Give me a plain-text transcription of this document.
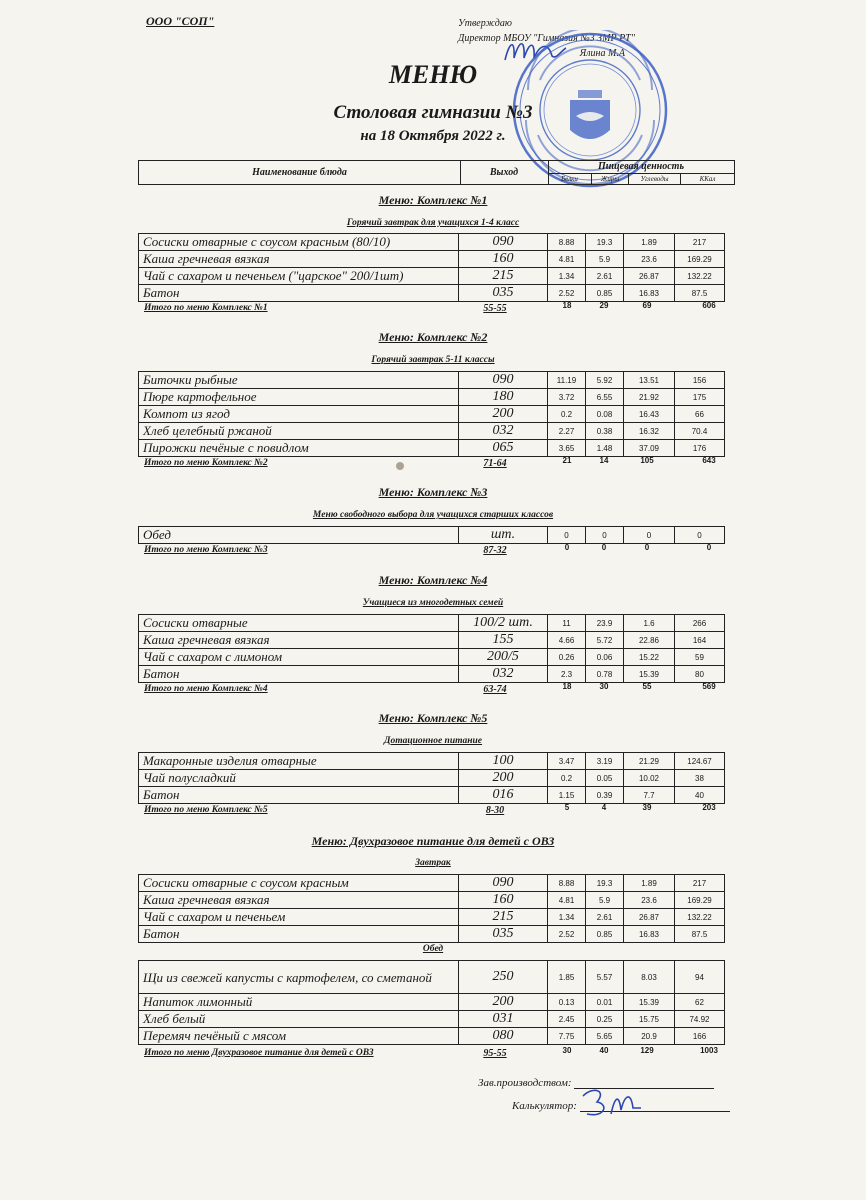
ООО "СОП"	Утверждаю
Директор МБОУ "Гимназия №3 ЗМР РТ"
Ялина М.А
МЕНЮ
Столовая гимназии №3
на 18 Октября 2022 г.
Наименование блюда	Выход
Пищевая ценность
Белки	Жиры	Углеводы	ККал
Меню: Комплекс №1
Горячий завтрак для учащихся 1-4 класс
Сосиски отварные с соусом красным (80/10)	090	8.88	19.3	1.89	217
Каша гречневая вязкая	160	4.81	5.9	23.6	169.29
Чай с сахаром и печеньем ("царское" 200/1шт)	215	1.34	2.61	26.87	132.22
Батон	035	2.52	0.85	16.83	87.5
Итого по меню Комплекс №1	55-55	18	29	69	606
Меню: Комплекс №2
Горячий завтрак 5-11 классы
Биточки рыбные	090	11.19	5.92	13.51	156
Пюре картофельное	180	3.72	6.55	21.92	175
Компот из ягод	200	0.2	0.08	16.43	66
Хлеб целебный ржаной	032	2.27	0.38	16.32	70.4
Пирожки печёные с повидлом	065	3.65	1.48	37.09	176
Итого по меню Комплекс №2	71-64	21	14	105	643
Меню: Комплекс №3
Меню свободного выбора для учащихся старших классов
Обед	шт.	0	0	0	0
Итого по меню Комплекс №3	87-32	0	0	0	0
Меню: Комплекс №4
Учащиеся из многодетных семей
Сосиски отварные	100/2 шт.	11	23.9	1.6	266
Каша гречневая вязкая	155	4.66	5.72	22.86	164
Чай с сахаром с лимоном	200/5	0.26	0.06	15.22	59
Батон	032	2.3	0.78	15.39	80
Итого по меню Комплекс №4	63-74	18	30	55	569
Меню: Комплекс №5
Дотационное питание
Макаронные изделия отварные	100	3.47	3.19	21.29	124.67
Чай полусладкий	200	0.2	0.05	10.02	38
Батон	016	1.15	0.39	7.7	40
Итого по меню Комплекс №5	8-30	5	4	39	203
Меню: Двухразовое питание для детей с ОВЗ
Завтрак
Сосиски отварные с соусом красным	090	8.88	19.3	1.89	217
Каша гречневая вязкая	160	4.81	5.9	23.6	169.29
Чай с сахаром и печеньем	215	1.34	2.61	26.87	132.22
Батон	035	2.52	0.85	16.83	87.5
Обед
Щи из свежей капусты с картофелем, со сметаной	250	1.85	5.57	8.03	94
Напиток лимонный	200	0.13	0.01	15.39	62
Хлеб белый	031	2.45	0.25	15.75	74.92
Перемяч печёный с мясом	080	7.75	5.65	20.9	166
Итого по меню Двухразовое питание для детей с ОВЗ	95-55	30	40	129	1003
Зав.производством:
Калькулятор:
